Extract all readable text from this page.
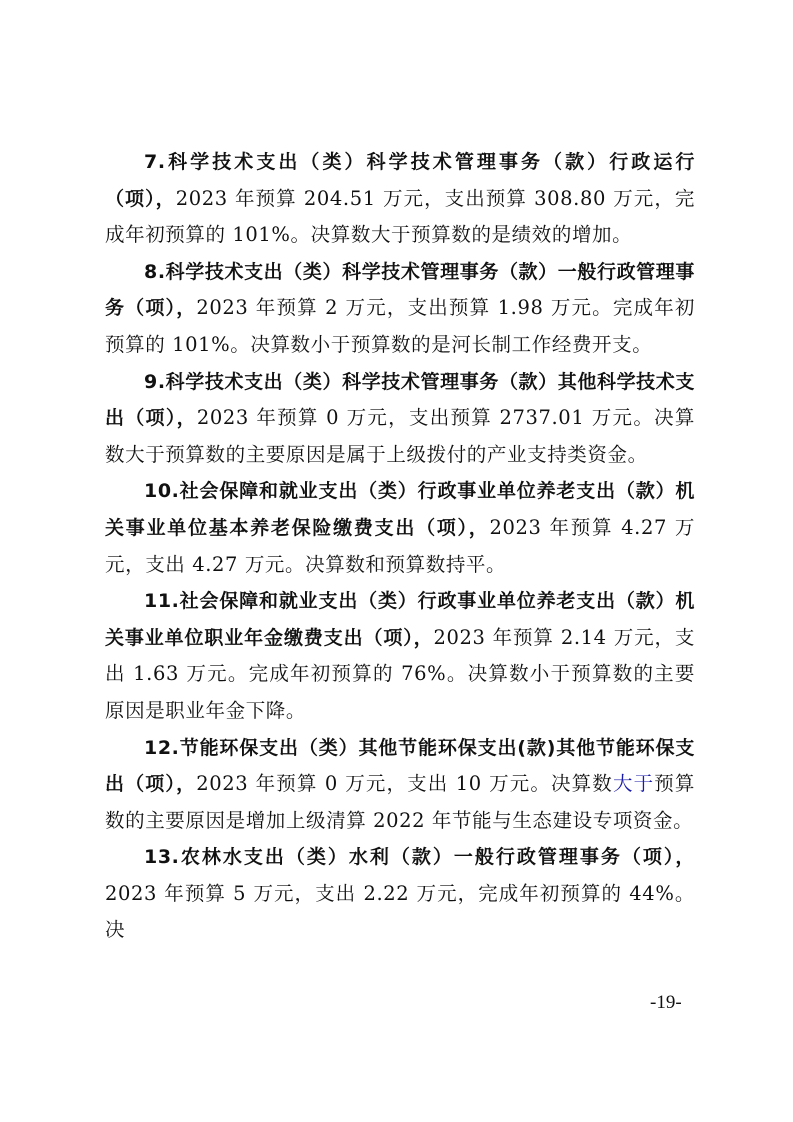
7.科学技术支出（类）科学技术管理事务（款）行政运行（项），2023 年预算 204.51 万元，支出预算 308.80 万元，完成年初预算的 101%。决算数大于预算数的是绩效的增加。

8.科学技术支出（类）科学技术管理事务（款）一般行政管理事务（项），2023 年预算 2 万元，支出预算 1.98 万元。完成年初预算的 101%。决算数小于预算数的是河长制工作经费开支。

9.科学技术支出（类）科学技术管理事务（款）其他科学技术支出（项），2023 年预算 0 万元，支出预算 2737.01 万元。决算数大于预算数的主要原因是属于上级拨付的产业支持类资金。

10.社会保障和就业支出（类）行政事业单位养老支出（款）机关事业单位基本养老保险缴费支出（项），2023 年预算 4.27 万元，支出 4.27 万元。决算数和预算数持平。

11.社会保障和就业支出（类）行政事业单位养老支出（款）机关事业单位职业年金缴费支出（项），2023 年预算 2.14 万元，支出 1.63 万元。完成年初预算的 76%。决算数小于预算数的主要原因是职业年金下降。

12.节能环保支出（类）其他节能环保支出(款)其他节能环保支出（项），2023 年预算 0 万元，支出 10 万元。决算数大于预算数的主要原因是增加上级清算 2022 年节能与生态建设专项资金。

13.农林水支出（类）水利（款）一般行政管理事务（项），2023 年预算 5 万元，支出 2.22 万元，完成年初预算的 44%。决

-19-
